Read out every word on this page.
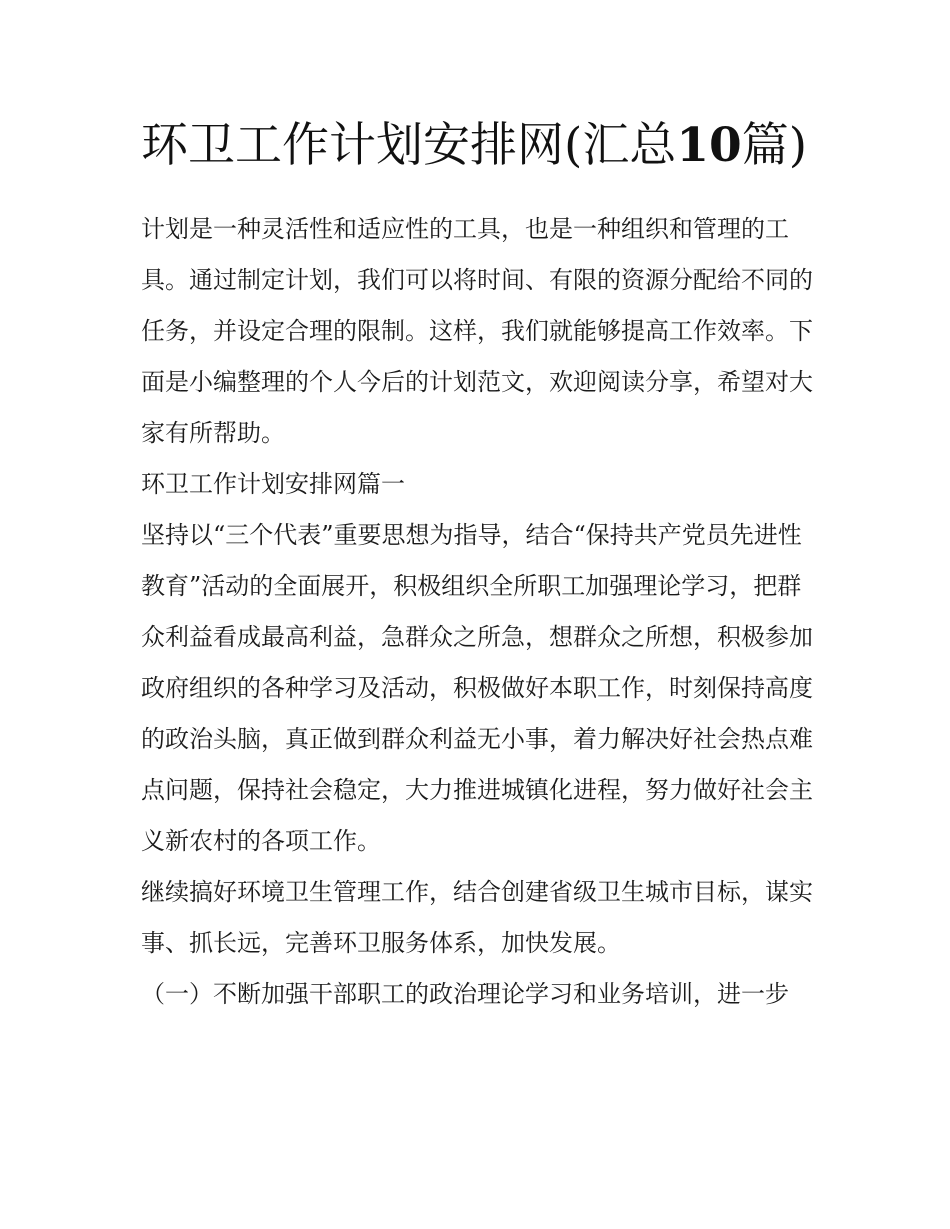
环卫工作计划安排网(汇总10篇)

计划是一种灵活性和适应性的工具，也是一种组织和管理的工具。通过制定计划，我们可以将时间、有限的资源分配给不同的任务，并设定合理的限制。这样，我们就能够提高工作效率。下面是小编整理的个人今后的计划范文，欢迎阅读分享，希望对大家有所帮助。

环卫工作计划安排网篇一

坚持以“三个代表”重要思想为指导，结合“保持共产党员先进性教育”活动的全面展开，积极组织全所职工加强理论学习，把群众利益看成最高利益，急群众之所急，想群众之所想，积极参加政府组织的各种学习及活动，积极做好本职工作，时刻保持高度的政治头脑，真正做到群众利益无小事，着力解决好社会热点难点问题，保持社会稳定，大力推进城镇化进程，努力做好社会主义新农村的各项工作。

继续搞好环境卫生管理工作，结合创建省级卫生城市目标，谋实事、抓长远，完善环卫服务体系，加快发展。

（一）不断加强干部职工的政治理论学习和业务培训，进一步
